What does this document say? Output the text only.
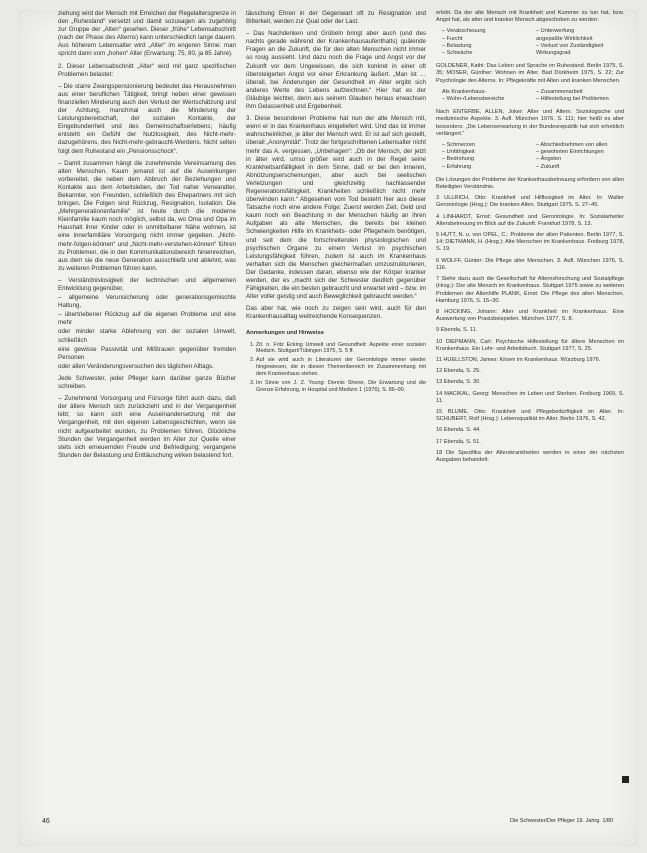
ziehung wird der Mensch mit Erreichen der Regelaltersgrenze in den „Ruhestand“ versetzt und damit sozusagen als zugehörig zur Gruppe der „Alten“ gesehen. Dieser „frühe“ Lebensabschnitt (nach der Phase des Alterns) kann unterschiedlich lange dauern. Aus höherem Lebensalter wird „Alter“ im engeren Sinne: man spricht dann vom „hohen“ Alter (Erwartung: 75, 80, ja 85 Jahre).

2. Dieser Lebensabschnitt „Alter“ wird mit ganz spezifischen Problemen belastet:

– Die starre Zwangspensionierung bedeutet das Herausnehmen aus einer beruflichen Tätigkeit, bringt neben einer gewissen finanziellen Minderung auch den Verlust der Wertschätzung und der Achtung, manchmal auch die Minderung der Leistungsbereitschaft, der sozialen Kontakte, der Eingebundenheit und des Gemeinschaftserlebens; häufig entsteht ein Gefühl der Nutzlosigkeit, des Nicht-mehr-dazugehörens, des Nicht-mehr-gebraucht-Werdens. Nicht selten folgt dem Ruhestand ein „Pensionsschock“.

– Damit zusammen hängt die zunehmende Vereinsamung des alten Menschen. Kaum jemand ist auf die Auswirkungen vorbereitet, die neben dem Abbruch der Beziehungen und Kontakte aus dem Arbeitsleben, der Tod naher Verwandter, Bekannter, von Freunden, schließlich des Ehepartners mit sich bringen. Die Folgen sind Rückzug, Resignation, Isolation. Die „Mehrgenerationenfamilie“ ist heute durch die moderne Kleinfamilie kaum noch möglich, selbst da, wo Oma und Opa im Haushalt ihrer Kinder oder in unmittelbarer Nähe wohnen, ist eine innerfamiliäre Vorsorgung nicht immer gegeben. „Nicht-mehr-folgen-können“ und „Nicht-mehr-verstehen-können“ führen zu Problemen, die in den Kommunikationsbereich hineinreichen, aus dem sie die neue Generation ausschließt und ablehnt, was zu weiteren Problemen führen kann.

– Verständnislosigkeit der technischen und allgemeinen Entwicklung gegenüber,
– allgemeine Verunsicherung oder generationsgemischte Haltung,
– übertriebener Rückzug auf die eigenen Probleme und eine mehr
oder minder starke Ablehnung von der sozialen Umwelt, schließlich
eine gewisse Passivität und Mißtrauen gegenüber fremden Personen
oder allen Veränderungsversuchen des täglichen Alltags.

Jede Schwester, jeder Pfleger kann darüber ganze Bücher schreiben.

– Zunehmend Vorsorgung und Fürsorge führt auch dazu, daß der ältere Mensch sich zurückzieht und in der Vergangenheit lebt; so kann sich eine Auseinandersetzung mit der Vergangenheit, mit den eigenen Lebensgeschichten, wenn sie nicht aufgearbeitet wurden, zu Problemen führen. Glückliche Stunden der Vergangenheit werden im Alter zur Quelle einer stets sich erneuernden Freude und Befriedigung; vergangene Stunden der Belastung und Enttäuschung wirken belastend fort.

täuschung Ehren in der Gegenwart oft zu Resignation und Bitterkeit, werden zur Qual oder der Last.

– Das Nachdenken und Grübeln bringt aber auch (und des nachts gerade während der Krankenhausaufenthalts) quälende Fragen an die Zukunft, die für den alten Menschen nicht immer so rosig aussieht. Und dazu noch die Frage und Angst vor der Zukunft vor dem Ungewissen, die sich konkret in einer oft übersteigerten Angst vor einer Erkrankung äußert. „Man ist … überall, bei Änderungen der Gesundheit im Alter ergibt sich anderes Werte des Lebens aufzeichnen.“ Hier hat es der Gläubige leichter, denn aus seinem Glauben heraus erwachsen ihm Gelassenheit und Ergebenheit.

3. Diese besonderen Probleme hat nun der alte Mensch mit, wenn er in das Krankenhaus eingeliefert wird. Und das ist immer wahrscheinlicher, je älter der Mensch wird. Er ist auf sich gestellt, überall „Anonymität“. Trotz der fortgeschrittenen Lebensalter nicht mehr das A. vergessen, „Unbehagen“: „Ob der Mensch, der jetzt in älter wird, umso größer wird auch in der Regel seine Krankheitsanfälligkeit in dem Sinne, daß er bei den inneren, Abnützungserscheinungen, aber auch bei seelischen Verletzungen und gleichzeitig nachlassender Regenerationsfähigkeit, Krankheiten schließlich nicht mehr überwinden kann.“ Abgesehen vom Tod besteht hier aus dieser Tatsache noch eine andere Folge: Zuerst werden Zeit, Geld und kaum noch ein Beachtung in der Menschen häufig an ihren Aufgaben als alte Menschen, die bereits bei kleinen Schwierigkeiten Hilfe im Krankheits- oder Pflegeheim benötigen, und seit dem die fortschreitenden physiologischen und psychischen Organe zu einem Verlust im psychischen Leistungsfähigkeit führen, zudem ist auch im Krankenhaus verhalten sich die Menschen gleichermaßen umzustrukturieren, Der Gedanke, indessen daran, ebenso wie der Körper kranker werden, der es „macht sich der Schwester deutlich gegenüber Fähigkeiten, die ein besten gebraucht und erwartet wird – bzw. im Alter voller geistig und auch Beweglichkeit gebraucht werden.“

Das aber hat, wie noch zu zeigen sein wird, auch für den Krankenhausalltag weitreichende Konsequenzen.

Anmerkungen und Hinweise
1. Zit. n. Fritz Ecking Umwelt und Gesundheit: Aspekte einer sozialen Medizin. Stuttgart/Tübingen 1975, S. 5 ff.
2. Auf sie wird auch in Literaturen der Gerontologie immer wieder hingewiesen, die in diesen Themenbereich im Zusammenhang mit dem Krankenhaus stehen.
3. Im Sinne von J. Z. Young: Dennis Sherer, Die Erwartung und die Grenze Erfahrung, in Hospital und Medizin 1 (1976), S. 86–90.

erlebt. Da der alte Mensch mit Krankheit und Kummer zu tun hat, bzw. Angst hat, als alter und kranker Mensch abgeschoben zu werden:

– Verabscheuung	– Unterwerfung
– Furcht	angepaßte Wirklichkeit
– Belastung	– Verlust von Zuständigkeit
– Schwäche	Wirkungsgrad

GOLDENER, Kathi: Das Leben und Sprache im Ruhestand. Berlin 1975, S. 35; MOSER, Günther: Wohnen im Alter. Bad Dürkheim 1975, S. 22; Zur Psychologie des Alterns. In: Pflegekräfte mit Alten und kranken Menschen.

Als Krankenhaus-	– Zusammenarbeit
– Wohn-/Lebensbereiche	– Hilfestellung bei Problemen

Nach ENTERBE, ALLEN, Joker: Alter und Altern. Soziologische und medizinische Aspekte. 3. Aufl. München 1976. S. 111; hier heißt es aber besonders: „Die Lebenserwartung in der Bundesrepublik hat sich erheblich verlängert.“

– Schmerzen	– Abschiednehmen von allen
– Unfähigkeit	– gewohnten Einrichtungen
– Bedrohung	– Ängsten
– Erfahrung	– Zukunft

Die Lösungen der Probleme der Krankenhausbetreuung erfordern von allen Beteiligten Verständnis.

3 ULLRICH, Otto: Krankheit und Hilflosigkeit im Alter. In: Walter Gerontologie (Hrsg.): Die kranken Alten. Stuttgart 1975. S. 27–45.

4 LINHARDT, Ernst: Gesundheit und Gerontologie. In: Sozialarbeiter Altersbetreuung im Blick auf die Zukunft. Frankfurt 1978, S. 13.

5 HUTT, N. u. von OPEL, C.: Probleme der alten Patienten. Berlin 1977, S. 14; DIETMANN, H. (Hrsg.): Alte Menschen im Krankenhaus. Freiburg 1978, S. 19.

6 WOLFF, Günter: Die Pflege alter Menschen. 3. Aufl. München 1976, S. 116.

7 Siehe dazu auch die Gesellschaft für Alternsforschung und Sozialpflege (Hrsg.): Der alte Mensch im Krankenhaus. Stuttgart 1975 sowie zu weiteren Problemen der Altenhilfe PLANK, Ernst: Die Pflege des alten Menschen. Hamburg 1976, S. 15–30.

8 HOCKING, Johann: Alter und Krankheit im Krankenhaus. Eine Auswertung von Praxisbeispielen. München 1977, S. 8.

9 Ebenda, S. 11.

10 DIEPMANN, Carl: Psychische Hilfestellung für ältere Menschen im Krankenhaus. Ein Lehr- und Arbeitsbuch. Stuttgart 1977, S. 25.

11 HUELLSTON, James: Krisen im Krankenhaus. Würzburg 1976.

12 Ebenda, S. 25.

13 Ebenda, S. 30.

14 MACIKAL, Georg: Menschen im Leben und Sterben. Freiburg 1969, S. 11.

15 BLUME, Otto: Krankheit und Pflegebedürftigkeit im Alter. In: SCHUBERT, Rolf (Hrsg.): Lebensqualität im Alter. Berlin 1976, S. 42.

16 Ebenda. S. 44.

17 Ebenda, S. 51.

18 Die Spezifika der Alterskrankheiten werden in einer der nächsten Ausgaben behandelt.

46	Die Schwester/Der Pfleger 19. Jahrg. 1/80
